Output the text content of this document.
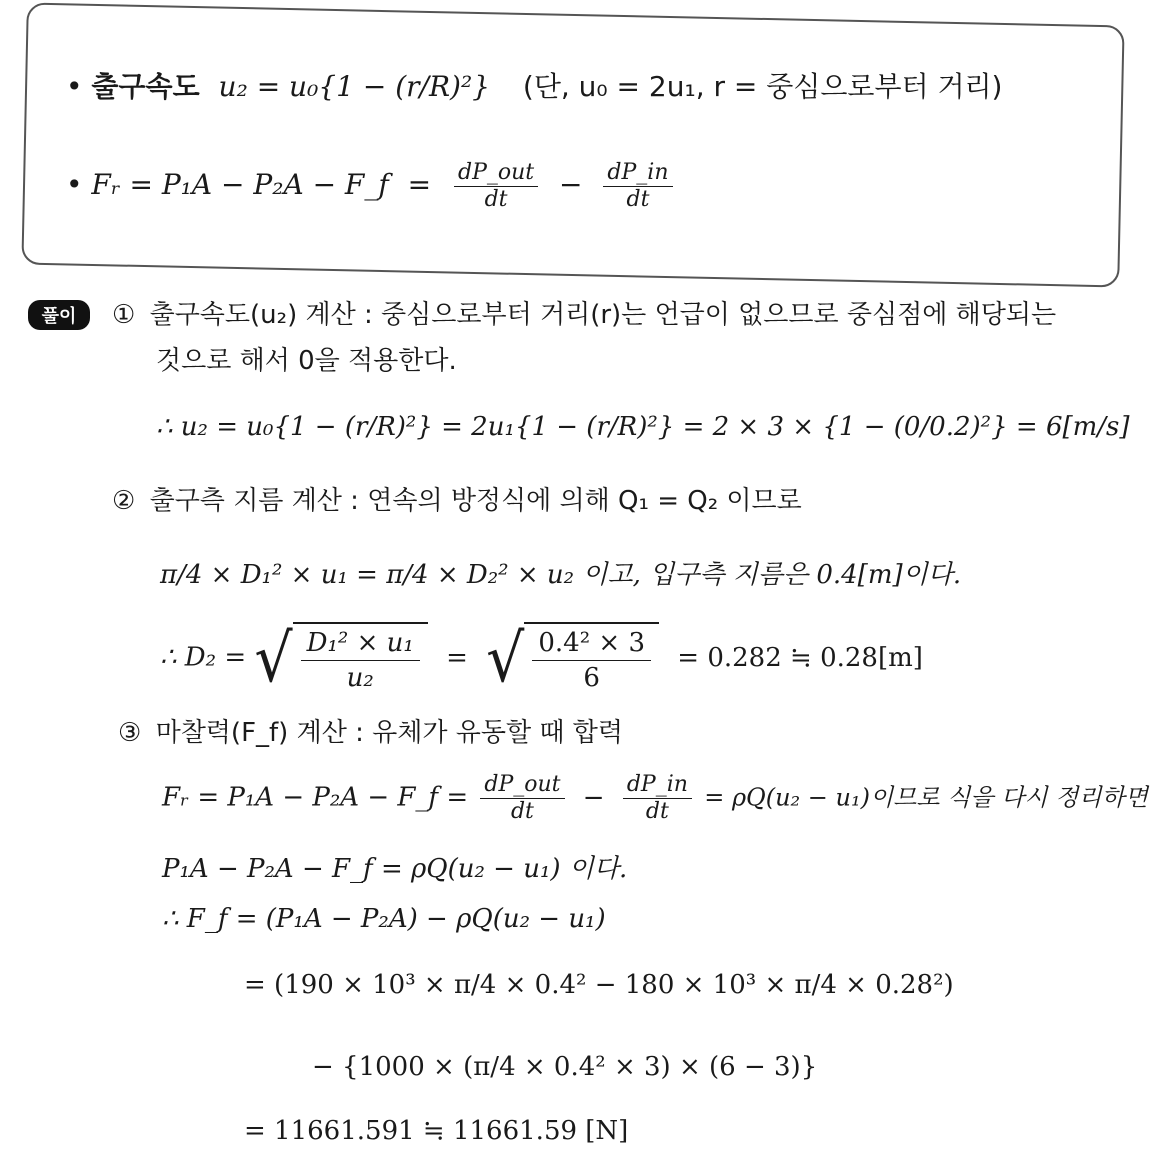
• 출구속도 u₂ = u₀{1 − (r/R)²} (단, u₀ = 2u₁, r = 중심으로부터 거리)
• Fᵣ = P₁A − P₂A − F_f = $\frac{\text{dP\_out}}{dt} - \frac{dP\_in}{dt}$
풀이	① 출구속도(u₂) 계산 : 중심으로부터 거리(r)는 언급이 없으므로 중심점에 해당되는
것으로 해서 0을 적용한다.
∴ u₂ = u₀{1 − (r/R)²} = 2u₁{1 − (r/R)²} = 2 × 3 × {1 − (0/0.2)²} = 6[m/s]
② 출구측 지름 계산 : 연속의 방정식에 의해 Q₁ = Q₂ 이므로
π/4 × D₁² × u₁ = π/4 × D₂² × u₂ 이고, 입구측 지름은 0.4[m]이다.
∴ D₂ = √ $\frac{\text{D₁² × u₁}}{\text{u₂}}$ = √ $\frac{\text{0.4² × 3}}{6} = 0.282$ ≒ 0.28[m]
③ 마찰력(F_f) 계산 : 유체가 유동할 때 합력
Fᵣ = P₁A − P₂A − F_f = $\frac{\text{dP\_out}}{dt} - \frac{dP\_in}{dt} = \rho Q(u_2 - u_1)$이므로 식을 다시 정리하면
P₁A − P₂A − F_f = ρQ(u₂ − u₁) 이다.
∴ F_f = (P₁A − P₂A) − ρQ(u₂ − u₁)
= (190 × 10³ × π/4 × 0.4² − 180 × 10³ × π/4 × 0.28²)
− {1000 × (π/4 × 0.4² × 3) × (6 − 3)}
= 11661.591 ≒ 11661.59 [N]
